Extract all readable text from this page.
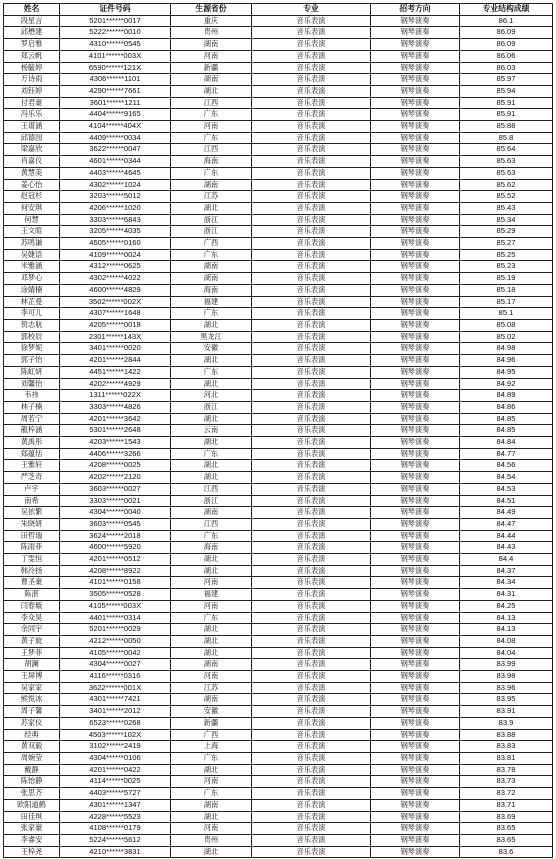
姓名	证件号码	生源省份	专业	招考方向	专业结构成绩
段星言	5201******0017	重庆	音乐表演	钢琴演奏	86.1
邱懋建	5222******0010	贵州	音乐表演	钢琴演奏	86.09
罗启雅	4310******0545	湖南	音乐表演	钢琴演奏	86.09
郑云帆	4101******003X	河南	音乐表演	钢琴演奏	86.06
杨毓婷	6590******121X	新疆	音乐表演	钢琴演奏	86.03
万诗雨	4306******1101	湖南	音乐表演	钢琴演奏	85.97
刘钰婷	4290******7661	湖北	音乐表演	钢琴演奏	85.94
付君豪	3601******1211	江西	音乐表演	钢琴演奏	85.91
冯乐乐	4404******9165	广东	音乐表演	钢琴演奏	85.91
王谱涵	4104******404X	河南	音乐表演	钢琴演奏	85.88
邱德园	4409******0034	广东	音乐表演	钢琴演奏	85.8
梁嘉欣	3622******0047	江西	音乐表演	钢琴演奏	85.64
肖嘉仪	4601******0344	海南	音乐表演	钢琴演奏	85.63
黄慧美	4403******4645	广东	音乐表演	钢琴演奏	85.63
姜心怡	4302******1024	湖南	音乐表演	钢琴演奏	85.62
赵冠杉	3203******5012	江苏	音乐表演	钢琴演奏	85.52
何安琪	4206******1020	湖北	音乐表演	钢琴演奏	85.43
何慧	3303******6843	浙江	音乐表演	钢琴演奏	85.34
王文暄	3205******4035	浙江	音乐表演	钢琴演奏	85.29
苏鸣谦	4505******0160	广西	音乐表演	钢琴演奏	85.27
吴婕语	4109******0024	广东	音乐表演	钢琴演奏	85.25
米雅涵	4312******0625	湖南	音乐表演	钢琴演奏	85.23
邓梦心	4302******4022	湖南	音乐表演	钢琴演奏	85.19
涂婧楠	4600******4829	海南	音乐表演	钢琴演奏	85.18
林芷曼	3502******002X	福建	音乐表演	钢琴演奏	85.17
李可儿	4307******1648	广东	音乐表演	钢琴演奏	85.1
贺志航	4205******0018	湖北	音乐表演	钢琴演奏	85.08
郭校辰	2301******143X	黑龙江	音乐表演	钢琴演奏	85.02
徐梦妮	3401******0020	安徽	音乐表演	钢琴演奏	84.98
郭子怡	4201******2844	湖北	音乐表演	钢琴演奏	84.96
陈虹妍	4451******1422	广东	音乐表演	钢琴演奏	84.95
刘馨怡	4202******4929	湖北	音乐表演	钢琴演奏	84.92
韦祎	1311******022X	河北	音乐表演	钢琴演奏	84.89
林子楠	3303******4826	浙江	音乐表演	钢琴演奏	84.86
周若宁	4201******3642	湖北	音乐表演	钢琴演奏	84.85
龍梓涵	5301******2648	云南	音乐表演	钢琴演奏	84.85
黄禹彤	4203******1543	湖北	音乐表演	钢琴演奏	84.84
郑蕴恬	4406******3266	广东	音乐表演	钢琴演奏	84.77
王雅轩	4208******0025	湖北	音乐表演	钢琴演奏	84.56
严芝奇	4202******2120	湖北	音乐表演	钢琴演奏	84.54
卢宇	3603******0027	江西	音乐表演	钢琴演奏	84.53
南希	3303******0021	浙江	音乐表演	钢琴演奏	84.51
吴依繁	4304******0040	湖南	音乐表演	钢琴演奏	84.49
朱晓妍	3603******0545	江西	音乐表演	钢琴演奏	84.47
田哲瑞	3624******2018	广东	音乐表演	钢琴演奏	84.44
陈雨菲	4600******5920	海南	音乐表演	钢琴演奏	84.43
丁雯恒	4201******0512	湖北	音乐表演	钢琴演奏	84.4
韩泠扬	4208******8922	湖北	音乐表演	钢琴演奏	84.37
曹圣豪	4101******0158	河南	音乐表演	钢琴演奏	84.34
陈湛	3505******0528	福建	音乐表演	钢琴演奏	84.31
闫春璇	4105******003X	河南	音乐表演	钢琴演奏	84.25
李众昊	4401******0314	广东	音乐表演	钢琴演奏	84.13
余同宇	5201******0029	湖北	音乐表演	钢琴演奏	84.13
黄子旋	4212******0050	湖北	音乐表演	钢琴演奏	84.08
王梦菲	4105******0042	湖北	音乐表演	钢琴演奏	84.04
胡澜	4304******0027	湖南	音乐表演	钢琴演奏	83.99
王屏博	4116******0316	河南	音乐表演	钢琴演奏	83.98
吴家家	3622******001X	江苏	音乐表演	钢琴演奏	83.96
熊悦冰	4301******7421	湖南	音乐表演	钢琴演奏	83.95
周子馨	3401******2012	安徽	音乐表演	钢琴演奏	83.91
苏家仪	6523******0268	新疆	音乐表演	钢琴演奏	83.9
经典	4503******102X	广西	音乐表演	钢琴演奏	83.88
黄双毅	3102******2419	上海	音乐表演	钢琴演奏	83.83
周婉莹	4304******0106	广东	音乐表演	钢琴演奏	83.81
戴静	4201******0422	湖北	音乐表演	钢琴演奏	83.78
陈怡静	4114******0025	河南	音乐表演	钢琴演奏	83.73
张思齐	4403******5727	广东	音乐表演	钢琴演奏	83.72
欧阳道鹤	4301******1347	湖南	音乐表演	钢琴演奏	83.71
田佳琪	4228******5523	湖北	音乐表演	钢琴演奏	83.69
张家豪	4108******0179	河南	音乐表演	钢琴演奏	83.65
李睿安	5224******5612	贵州	音乐表演	钢琴演奏	83.65
王梓尧	4210******3831	湖北	音乐表演	钢琴演奏	83.6
